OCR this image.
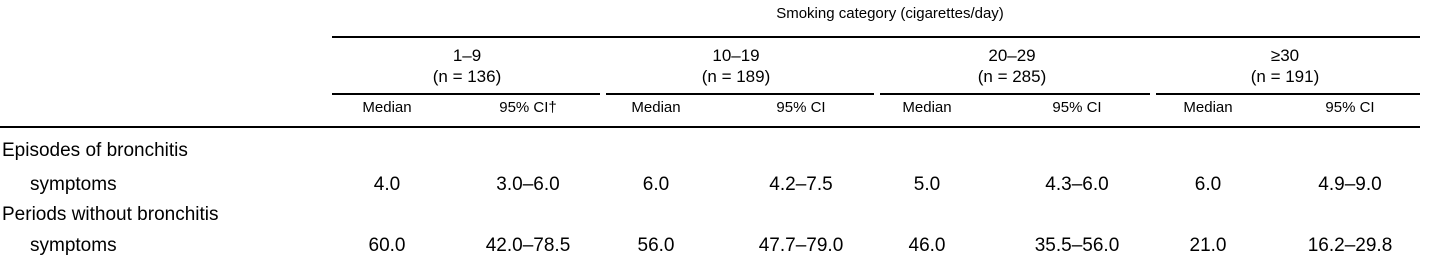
Smoking category (cigarettes/day)
1–9
(n = 136)
Median	95% CI†
10–19
(n = 189)
Median	95% CI
20–29
(n = 285)
Median	95% CI
≥30
(n = 191)
Median	95% CI
Episodes of bronchitis
symptoms	4.0	3.0–6.0	6.0	4.2–7.5	5.0	4.3–6.0	6.0	4.9–9.0
Periods without bronchitis
symptoms	60.0	42.0–78.5	56.0	47.7–79.0	46.0	35.5–56.0	21.0	16.2–29.8
